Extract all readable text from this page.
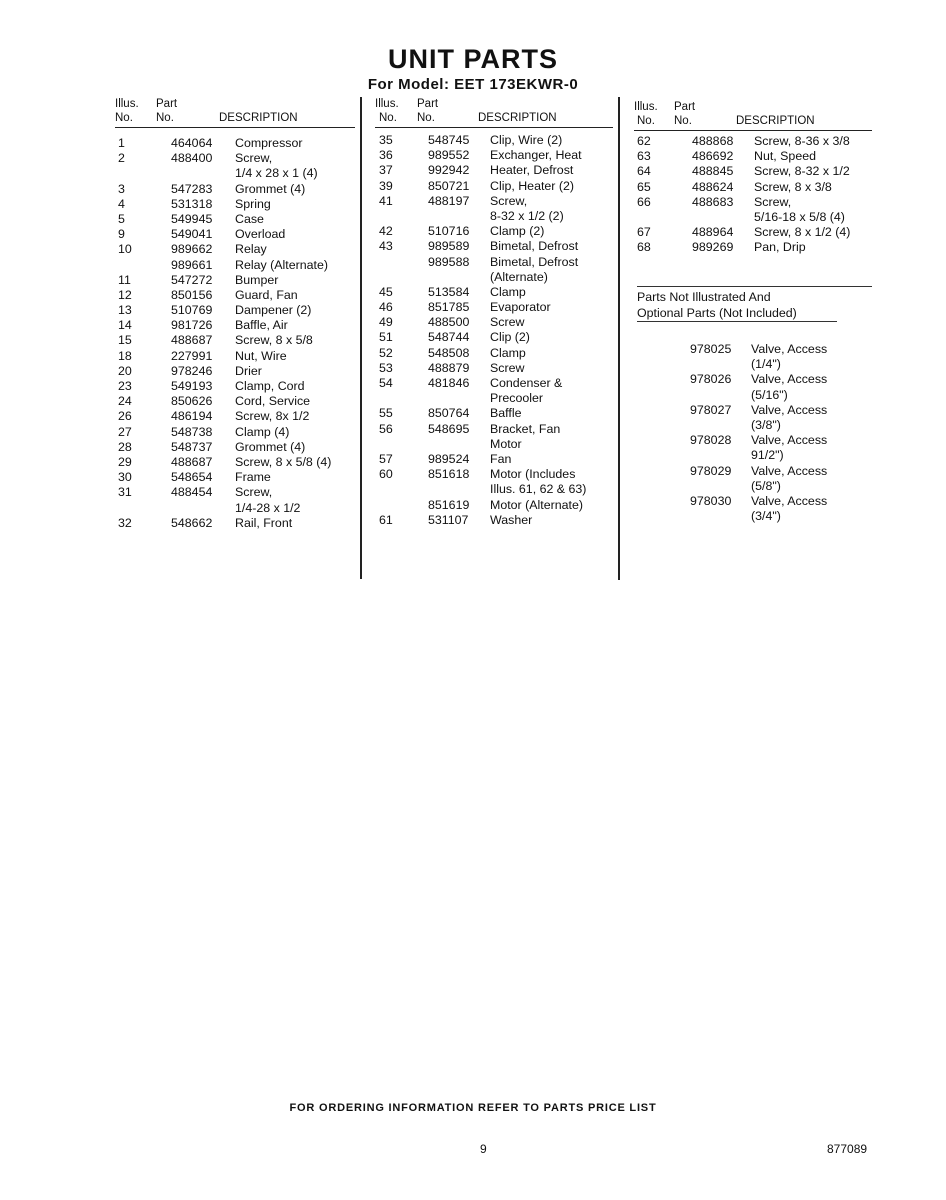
UNIT PARTS
For Model: EET 173EKWR-0
Illus. Part
No. No.	DESCRIPTION
1	464064 Compressor
2	488400 Screw,
1/4 x 28 x 1 (4)
3	547283 Grommet (4)
4	531318 Spring
5	549945 Case
9	549041 Overload
10	989662 Relay
989661 Relay (Alternate)
11	547272 Bumper
12	850156 Guard, Fan
13	510769 Dampener (2)
14	981726 Baffle, Air
15	488687 Screw, 8 x 5/8
18	227991 Nut, Wire
20	978246 Drier
23	549193 Clamp, Cord
24	850626 Cord, Service
26	486194 Screw, 8x 1/2
27	548738 Clamp (4)
28	548737 Grommet (4)
29	488687 Screw, 8 x 5/8 (4)
30	548654 Frame
31	488454 Screw,
1/4-28 x 1/2
32	548662 Rail, Front
Illus. Part
No. No.	DESCRIPTION
35	548745 Clip, Wire (2)
36	989552 Exchanger, Heat
37	992942 Heater, Defrost
39	850721 Clip, Heater (2)
41	488197 Screw,
8-32 x 1/2 (2)
42	510716 Clamp (2)
43	989589 Bimetal, Defrost
989588 Bimetal, Defrost
(Alternate)
45	513584 Clamp
46	851785 Evaporator
49	488500 Screw
51	548744 Clip (2)
52	548508 Clamp
53	488879 Screw
54	481846 Condenser &
Precooler
55	850764 Baffle
56	548695 Bracket, Fan
Motor
57	989524 Fan
60	851618 Motor (Includes
Illus. 61, 62 & 63)
851619 Motor (Alternate)
61	531107 Washer
Illus. Part
No. No.	DESCRIPTION
62	488868 Screw, 8-36 x 3/8
63	486692 Nut, Speed
64	488845 Screw, 8-32 x 1/2
65	488624 Screw, 8 x 3/8
66	488683 Screw,
5/16-18 x 5/8 (4)
67	488964 Screw, 8 x 1/2 (4)
68	989269 Pan, Drip
Parts Not Illustrated And
Optional Parts (Not Included)
978025 Valve, Access
(1/4")
978026 Valve, Access
(5/16")
978027 Valve, Access
(3/8")
978028 Valve, Access
91/2")
978029 Valve, Access
(5/8")
978030 Valve, Access
(3/4")
FOR ORDERING INFORMATION REFER TO PARTS PRICE LIST
9	877089
